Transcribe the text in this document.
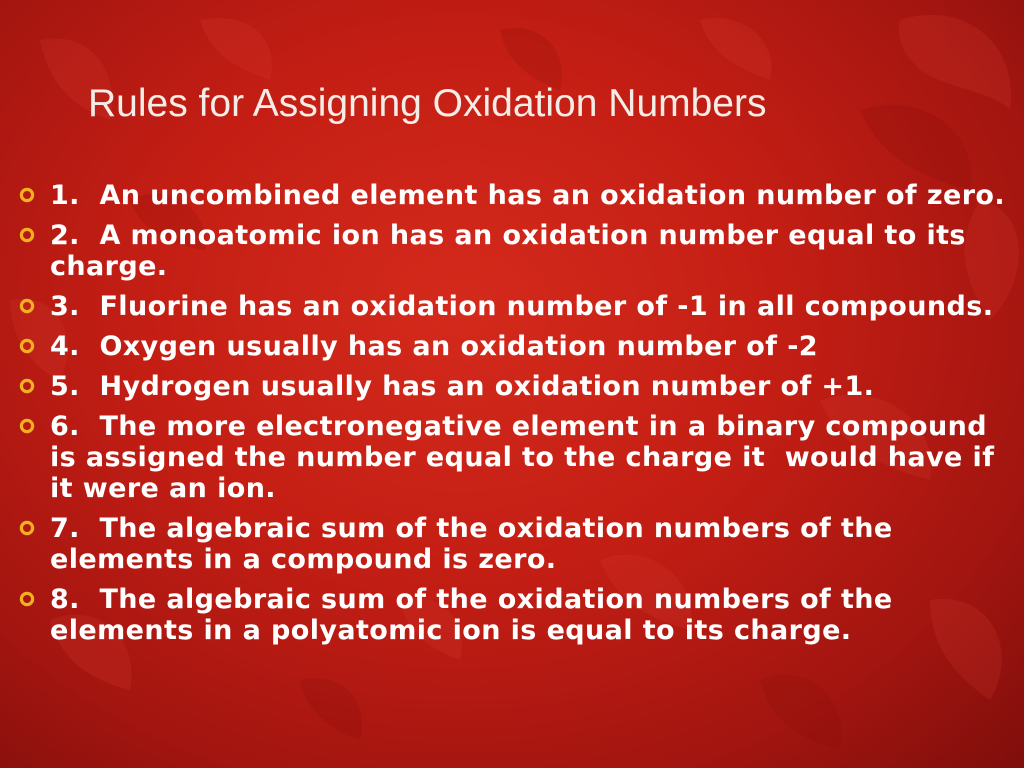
Rules for Assigning Oxidation Numbers
1.  An uncombined element has an oxidation number of zero.
2.  A monoatomic ion has an oxidation number equal to its charge.
3.  Fluorine has an oxidation number of -1 in all compounds.
4.  Oxygen usually has an oxidation number of -2
5.  Hydrogen usually has an oxidation number of +1.
6.  The more electronegative element in a binary compound is assigned the number equal to the charge it  would have if it were an ion.
7.  The algebraic sum of the oxidation numbers of the elements in a compound is zero.
8.  The algebraic sum of the oxidation numbers of the elements in a polyatomic ion is equal to its charge.
